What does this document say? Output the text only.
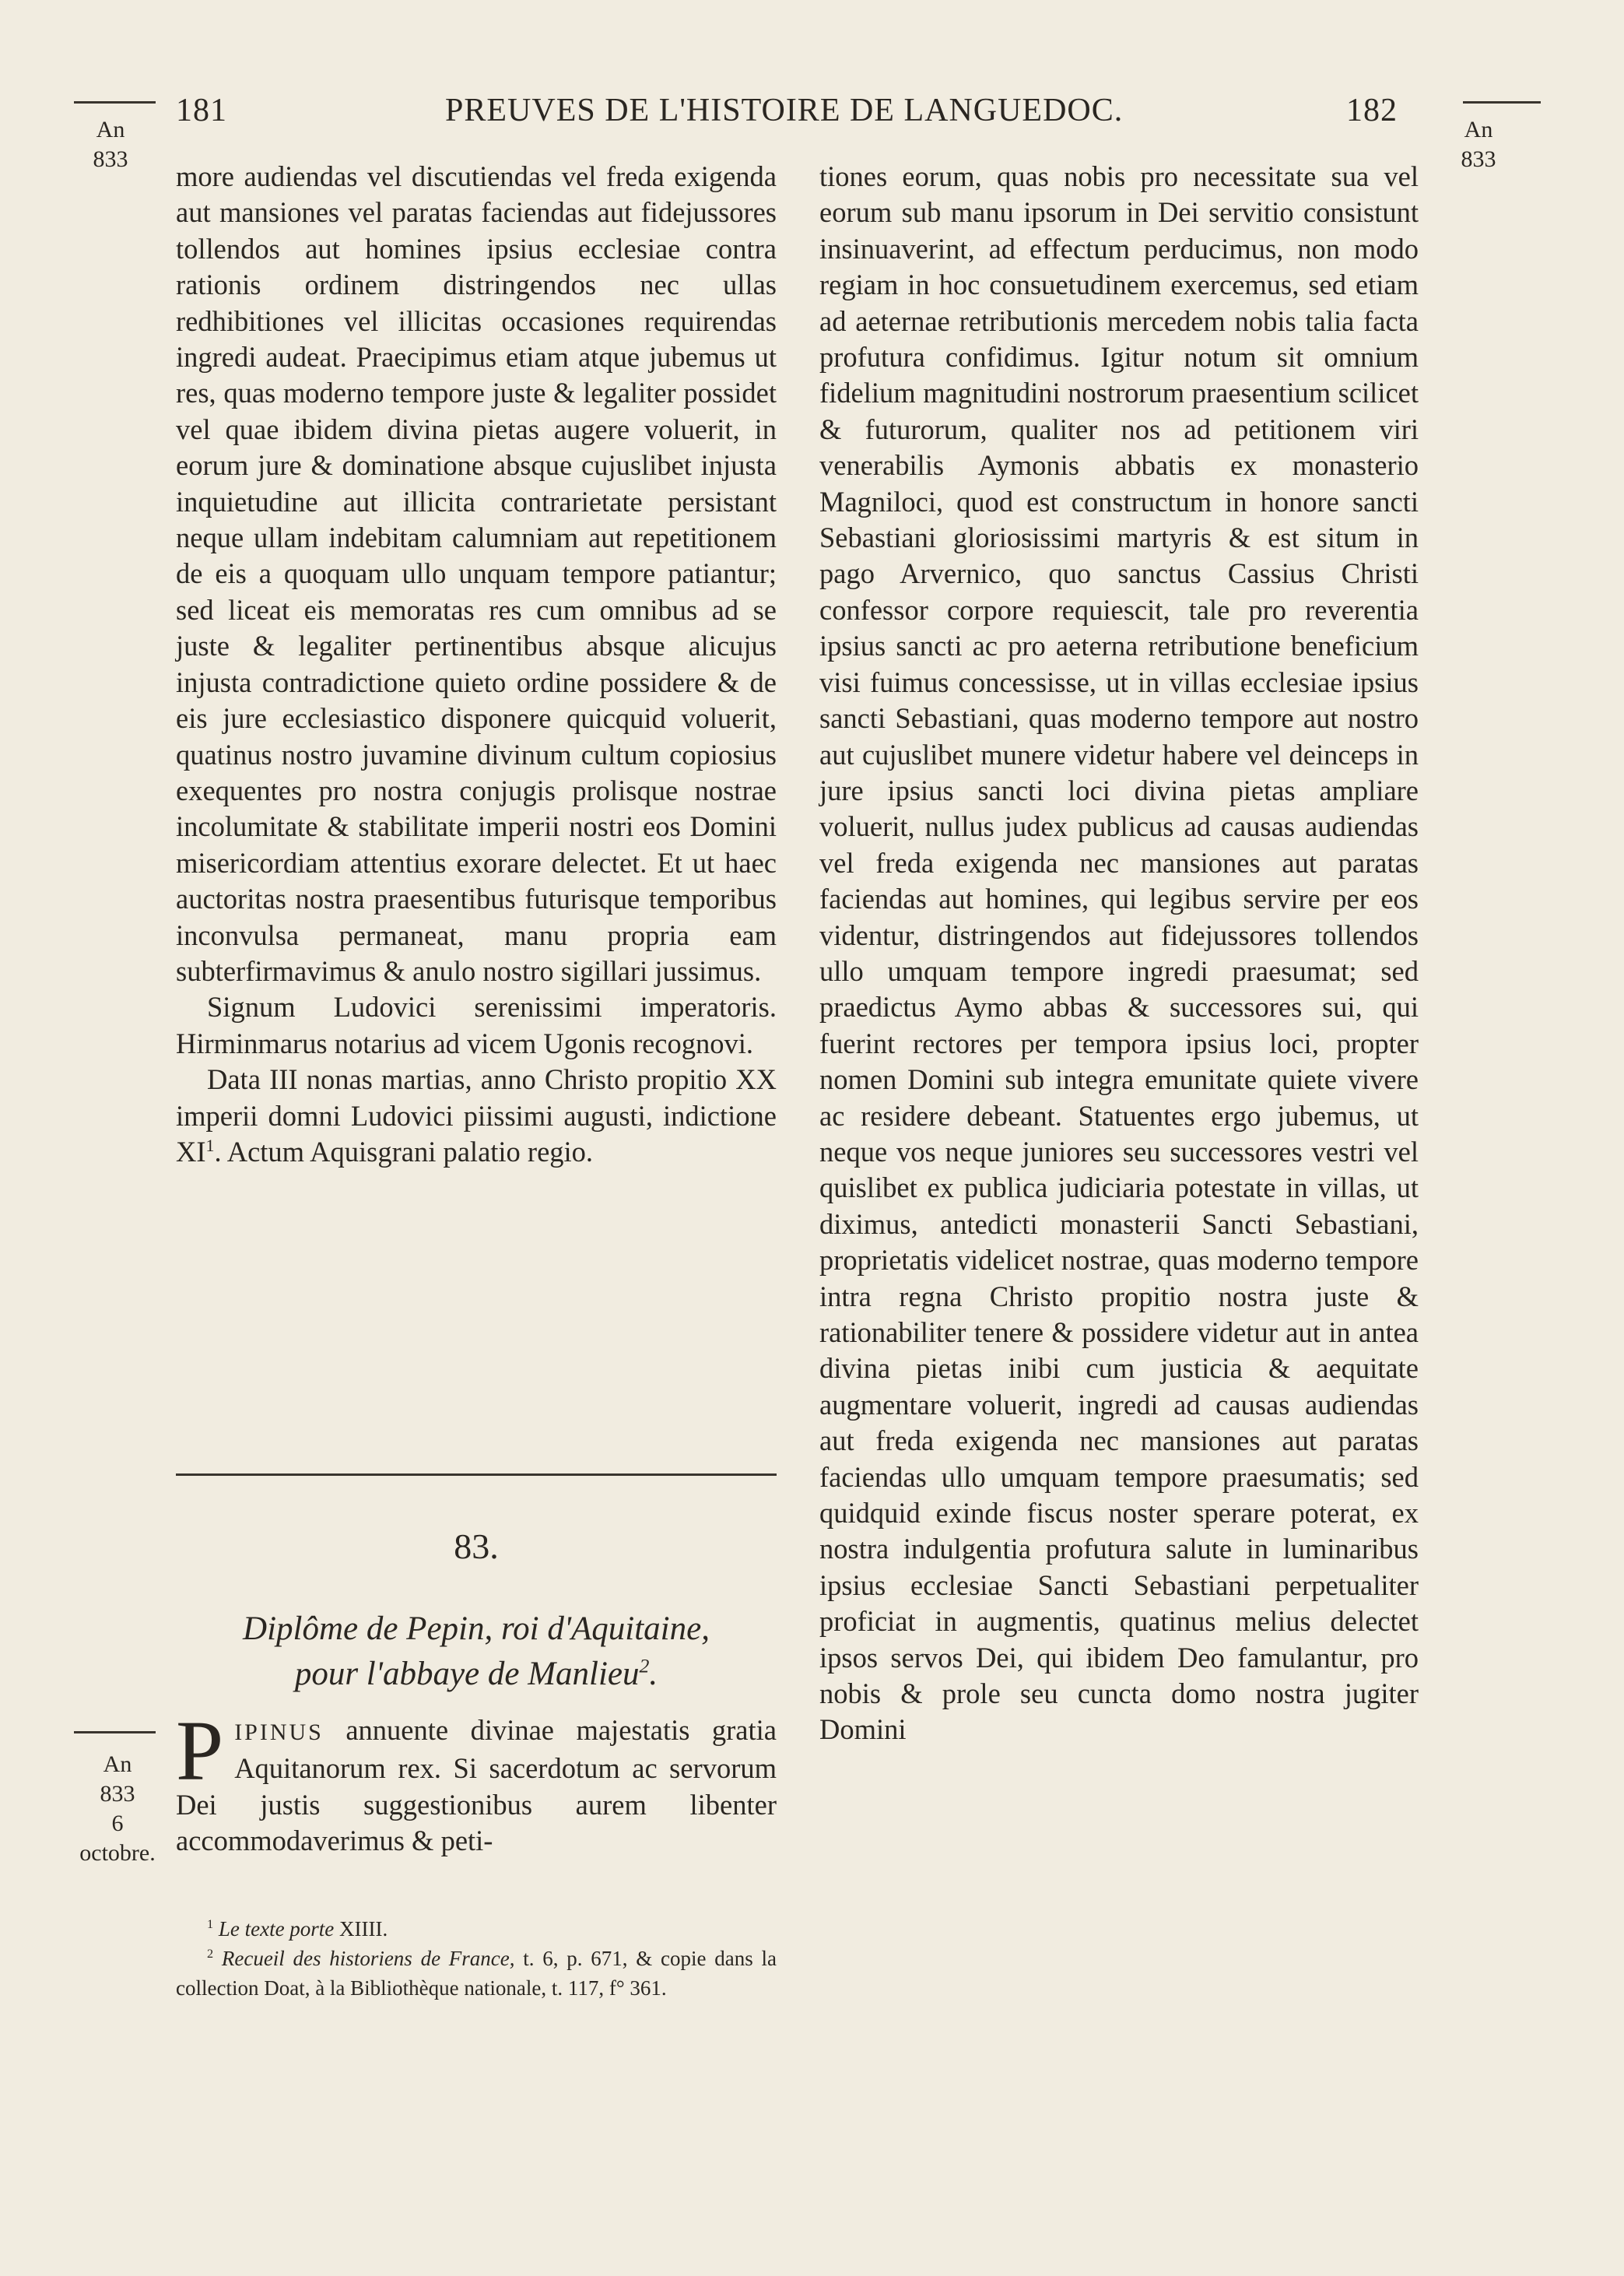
181	PREUVES DE L'HISTOIRE DE LANGUEDOC.	182
An
833
An
833

more audiendas vel discutiendas vel freda exigenda aut mansiones vel paratas faciendas aut fidejussores tollendos aut homines ipsius ecclesiae contra rationis ordinem distringendos nec ullas redhibitiones vel illicitas occasiones requirendas ingredi audeat. Praecipimus etiam atque jubemus ut res, quas moderno tempore juste & legaliter possidet vel quae ibidem divina pietas augere voluerit, in eorum jure & dominatione absque cujuslibet injusta inquietudine aut illicita contrarietate persistant neque ullam indebitam calumniam aut repetitionem de eis a quoquam ullo unquam tempore patiantur; sed liceat eis memoratas res cum omnibus ad se juste & legaliter pertinentibus absque alicujus injusta contradictione quieto ordine possidere & de eis jure ecclesiastico disponere quicquid voluerit, quatinus nostro juvamine divinum cultum copiosius exequentes pro nostra conjugis prolisque nostrae incolumitate & stabilitate imperii nostri eos Domini misericordiam attentius exorare delectet. Et ut haec auctoritas nostra praesentibus futurisque temporibus inconvulsa permaneat, manu propria eam subterfirmavimus & anulo nostro sigillari jussimus.

Signum Ludovici serenissimi imperatoris. Hirminmarus notarius ad vicem Ugonis recognovi.

Data III nonas martias, anno Christo propitio XX imperii domni Ludovici piissimi augusti, indictione $XI^1$. Actum Aquisgrani palatio regio.

83.
Diplôme de Pepin, roi d'Aquitaine,
pour l'abbaye de Manlieu$^2$.
An
833
6
octobre.

PIPINUS annuente divinae majestatis gratia Aquitanorum rex. Si sacerdotum ac servorum Dei justis suggestionibus aurem libenter accommodaverimus & peti-

$^1$ Le texte porte XIIII.

$^2$ Recueil des historiens de France, t. 6, p. 671, & copie dans la collection Doat, à la Bibliothèque nationale, t. 117, f° 361.

tiones eorum, quas nobis pro necessitate sua vel eorum sub manu ipsorum in Dei servitio consistunt insinuaverint, ad effectum perducimus, non modo regiam in hoc consuetudinem exercemus, sed etiam ad aeternae retributionis mercedem nobis talia facta profutura confidimus. Igitur notum sit omnium fidelium magnitudini nostrorum praesentium scilicet & futurorum, qualiter nos ad petitionem viri venerabilis Aymonis abbatis ex monasterio Magniloci, quod est constructum in honore sancti Sebastiani gloriosissimi martyris & est situm in pago Arvernico, quo sanctus Cassius Christi confessor corpore requiescit, tale pro reverentia ipsius sancti ac pro aeterna retributione beneficium visi fuimus concessisse, ut in villas ecclesiae ipsius sancti Sebastiani, quas moderno tempore aut nostro aut cujuslibet munere videtur habere vel deinceps in jure ipsius sancti loci divina pietas ampliare voluerit, nullus judex publicus ad causas audiendas vel freda exigenda nec mansiones aut paratas faciendas aut homines, qui legibus servire per eos videntur, distringendos aut fidejussores tollendos ullo umquam tempore ingredi praesumat; sed praedictus Aymo abbas & successores sui, qui fuerint rectores per tempora ipsius loci, propter nomen Domini sub integra emunitate quiete vivere ac residere debeant. Statuentes ergo jubemus, ut neque vos neque juniores seu successores vestri vel quislibet ex publica judiciaria potestate in villas, ut diximus, antedicti monasterii Sancti Sebastiani, proprietatis videlicet nostrae, quas moderno tempore intra regna Christo propitio nostra juste & rationabiliter tenere & possidere videtur aut in antea divina pietas inibi cum justicia & aequitate augmentare voluerit, ingredi ad causas audiendas aut freda exigenda nec mansiones aut paratas faciendas ullo umquam tempore praesumatis; sed quidquid exinde fiscus noster sperare poterat, ex nostra indulgentia profutura salute in luminaribus ipsius ecclesiae Sancti Sebastiani perpetualiter proficiat in augmentis, quatinus melius delectet ipsos servos Dei, qui ibidem Deo famulantur, pro nobis & prole seu cuncta domo nostra jugiter Domini
